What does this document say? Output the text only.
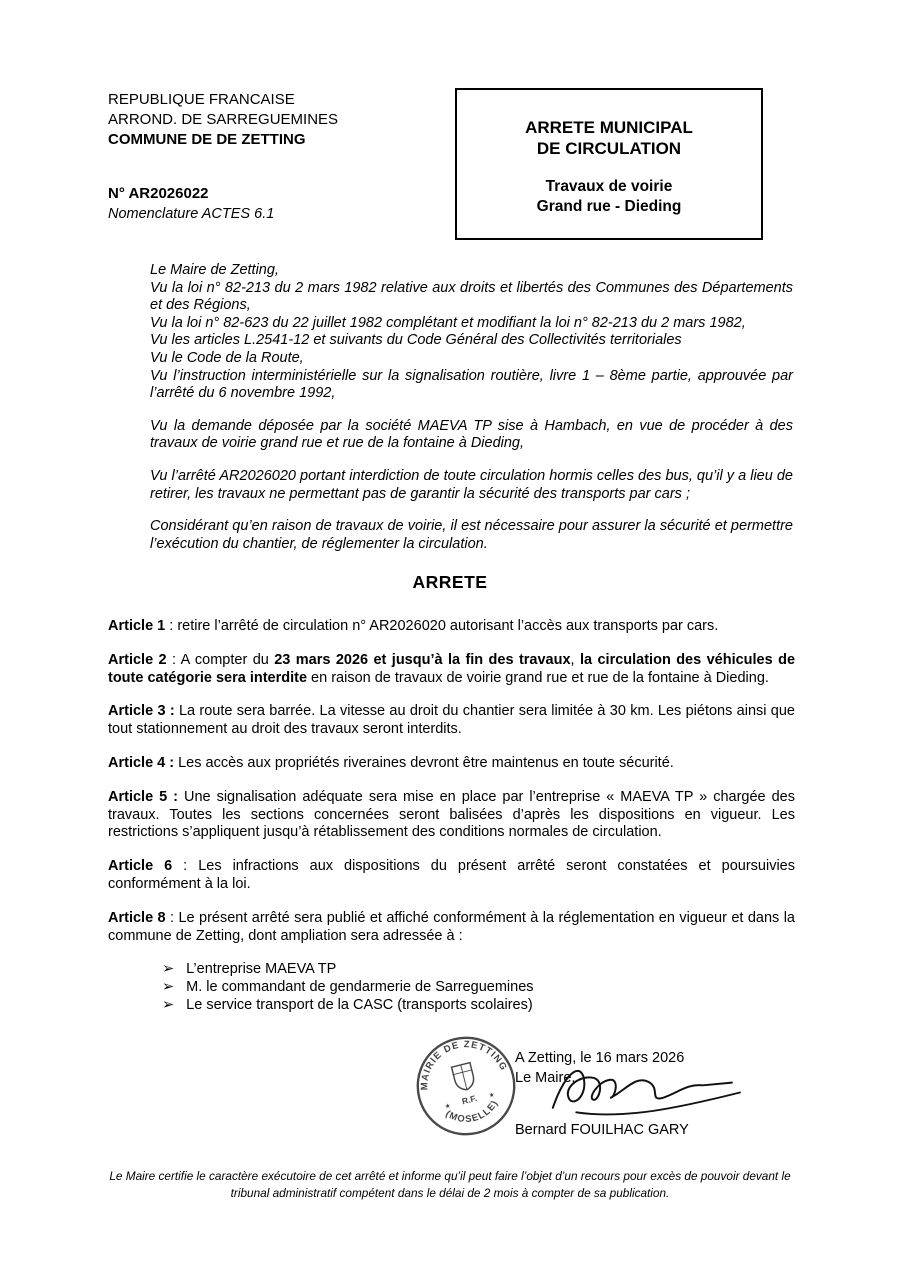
REPUBLIQUE FRANCAISE
ARROND. DE SARREGUEMINES
COMMUNE DE DE ZETTING
N° AR2026022
Nomenclature ACTES 6.1
ARRETE MUNICIPAL
DE CIRCULATION
Travaux de voirie
Grand rue - Dieding

Le Maire de Zetting,

Vu la loi n° 82-213 du 2 mars 1982 relative aux droits et libertés des Communes des Départements et des Régions,

Vu la loi n° 82-623 du 22 juillet 1982 complétant et modifiant la loi n° 82-213 du 2 mars 1982,

Vu les articles L.2541-12 et suivants du Code Général des Collectivités territoriales

Vu le Code de la Route,

Vu l’instruction interministérielle sur la signalisation routière, livre 1 – 8ème partie, approuvée par l’arrêté du 6 novembre 1992,

Vu la demande déposée par la société MAEVA TP sise à Hambach, en vue de procéder à des travaux de voirie grand rue et rue de la fontaine à Dieding,

Vu l’arrêté AR2026020 portant interdiction de toute circulation hormis celles des bus, qu’il y a lieu de retirer, les travaux ne permettant pas de garantir la sécurité des transports par cars ;

Considérant qu’en raison de travaux de voirie, il est nécessaire pour assurer la sécurité et permettre l’exécution du chantier, de réglementer la circulation.

ARRETE

Article 1 : retire l’arrêté de circulation n° AR2026020 autorisant l’accès aux transports par cars.

Article 2 : A compter du 23 mars 2026 et jusqu’à la fin des travaux, la circulation des véhicules de toute catégorie sera interdite en raison de travaux de voirie grand rue et rue de la fontaine à Dieding.

Article 3 : La route sera barrée. La vitesse au droit du chantier sera limitée à 30 km. Les piétons ainsi que tout stationnement au droit des travaux seront interdits.

Article 4 : Les accès aux propriétés riveraines devront être maintenus en toute sécurité.

Article 5 : Une signalisation adéquate sera mise en place par l’entreprise « MAEVA TP » chargée des travaux. Toutes les sections concernées seront balisées d’après les dispositions en vigueur. Les restrictions s’appliquent jusqu’à rétablissement des conditions normales de circulation.

Article 6 : Les infractions aux dispositions du présent arrêté seront constatées et poursuivies conformément à la loi.

Article 8 : Le présent arrêté sera publié et affiché conformément à la réglementation en vigueur et dans la commune de Zetting, dont ampliation sera adressée à :

➢ L’entreprise MAEVA TP
➢ M. le commandant de gendarmerie de Sarreguemines
➢ Le service transport de la CASC (transports scolaires)
MAIRIE DE ZETTING
(MOSELLE)
R.F.
★
★
A Zetting, le 16 mars 2026
Le Maire,
Bernard FOUILHAC GARY
Le Maire certifie le caractère exécutoire de cet arrêté et informe qu’il peut faire l’objet d’un recours pour excès de pouvoir devant le tribunal administratif compétent dans le délai de 2 mois à compter de sa publication.
